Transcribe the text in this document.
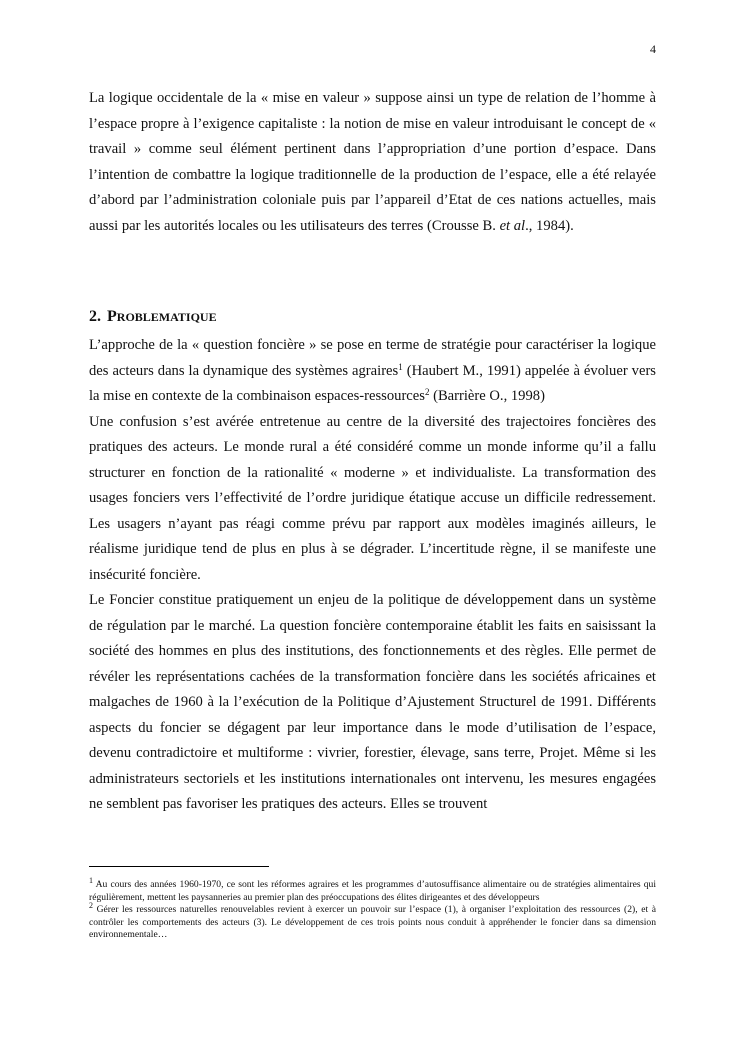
4

La logique occidentale de la « mise en valeur » suppose ainsi un type de relation de l’homme à l’espace propre à l’exigence capitaliste : la notion de mise en valeur introduisant le concept de « travail » comme seul élément pertinent dans l’appropriation d’une portion d’espace. Dans l’intention de combattre la logique traditionnelle de la production de l’espace, elle a été relayée d’abord par l’administration coloniale puis par l’appareil d’Etat de ces nations actuelles, mais aussi par les autorités locales ou les utilisateurs des terres (Crousse B. et al., 1984).

2. PROBLEMATIQUE

L’approche de la « question foncière » se pose en terme de stratégie pour caractériser la logique des acteurs dans la dynamique des systèmes agraires$^1$ (Haubert M., 1991) appelée à évoluer vers la mise en contexte de la combinaison espaces-ressources$^2$ (Barrière O., 1998)

Une confusion s’est avérée entretenue au centre de la diversité des trajectoires foncières des pratiques des acteurs. Le monde rural a été considéré comme un monde informe qu’il a fallu structurer en fonction de la rationalité « moderne » et individualiste. La transformation des usages fonciers vers l’effectivité de l’ordre juridique étatique accuse un difficile redressement. Les usagers n’ayant pas réagi comme prévu par rapport aux modèles imaginés ailleurs, le réalisme juridique tend de plus en plus à se dégrader. L’incertitude règne, il se manifeste une insécurité foncière.

Le Foncier constitue pratiquement un enjeu de la politique de développement dans un système de régulation par le marché. La question foncière contemporaine établit les faits en saisissant la société des hommes en plus des institutions, des fonctionnements et des règles. Elle permet de révéler les représentations cachées de la transformation foncière dans les sociétés africaines et malgaches de 1960 à la l’exécution de la Politique d’Ajustement Structurel de 1991. Différents aspects du foncier se dégagent par leur importance dans le mode d’utilisation de l’espace, devenu contradictoire et multiforme : vivrier, forestier, élevage, sans terre, Projet. Même si les administrateurs sectoriels et les institutions internationales ont intervenu, les mesures engagées ne semblent pas favoriser les pratiques des acteurs. Elles se trouvent

$^1$ Au cours des années 1960-1970, ce sont les réformes agraires et les programmes d’autosuffisance alimentaire ou de stratégies alimentaires qui régulièrement, mettent les paysanneries au premier plan des préoccupations des élites dirigeantes et des développeurs

$^2$ Gérer les ressources naturelles renouvelables revient à exercer un pouvoir sur l’espace (1), à organiser l’exploitation des ressources (2), et à contrôler les comportements des acteurs (3). Le développement de ces trois points nous conduit à appréhender le foncier dans sa dimension environnementale…
